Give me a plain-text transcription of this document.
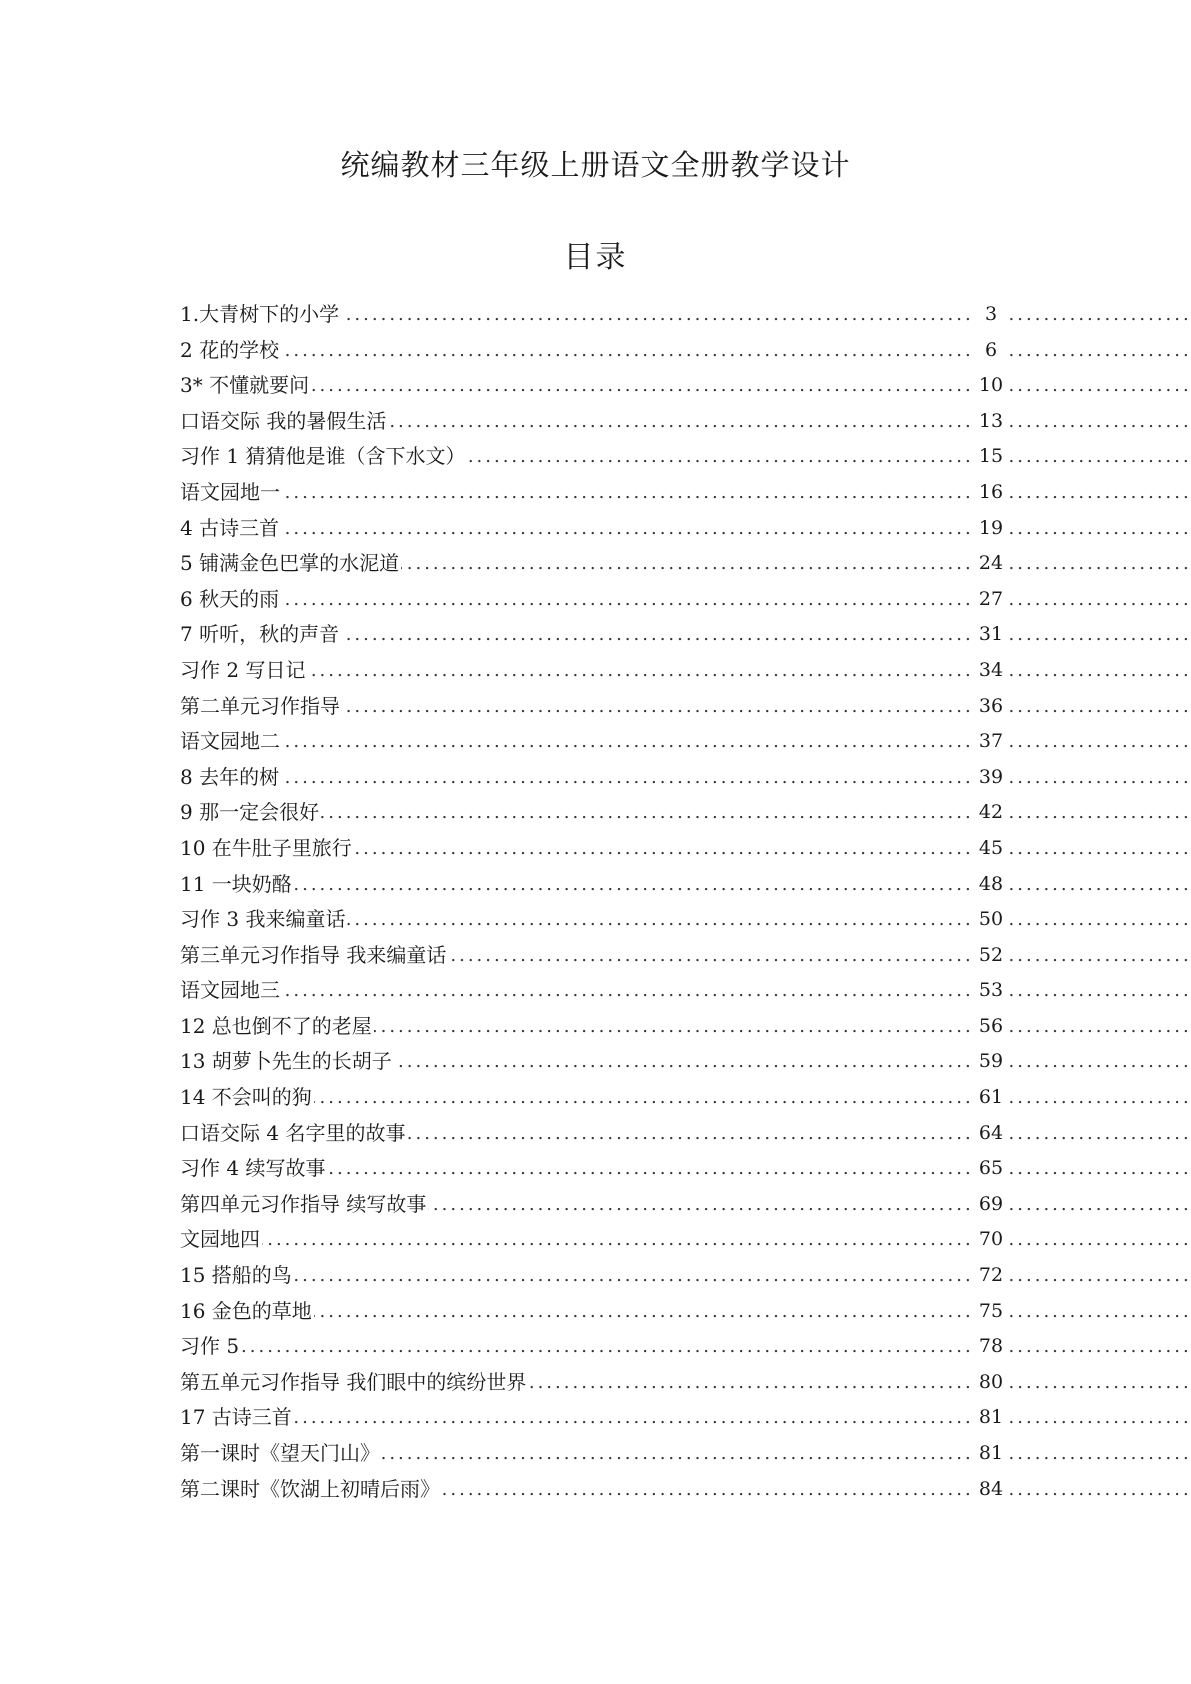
统编教材三年级上册语文全册教学设计
目录
.....
1.大青树下的小学	3
.....
2 花的学校	6
.....
3* 不懂就要问	10
.....
口语交际 我的暑假生活	13
.....
习作 1 猜猜他是谁（含下水文）	15
.....
语文园地一	16
.....
4 古诗三首	19
.....
5 铺满金色巴掌的水泥道	24
.....
6 秋天的雨	27
.....
7 听听，秋的声音	31
.....
习作 2 写日记	34
.....
第二单元习作指导	36
.....
语文园地二	37
.....
8 去年的树	39
.....
9 那一定会很好	42
.....
10 在牛肚子里旅行	45
.....
11 一块奶酪	48
.....
习作 3 我来编童话	50
.....
第三单元习作指导 我来编童话	52
.....
语文园地三	53
.....
12 总也倒不了的老屋	56
.....
13 胡萝卜先生的长胡子	59
.....
14 不会叫的狗	61
.....
口语交际 4 名字里的故事	64
.....
习作 4 续写故事	65
.....
第四单元习作指导 续写故事	69
.....
文园地四	70
.....
15 搭船的鸟	72
.....
16 金色的草地	75
.....
习作 5	78
.....
第五单元习作指导 我们眼中的缤纷世界	80
.....
17 古诗三首	81
.....
第一课时《望天门山》	81
.....
第二课时《饮湖上初晴后雨》	84
